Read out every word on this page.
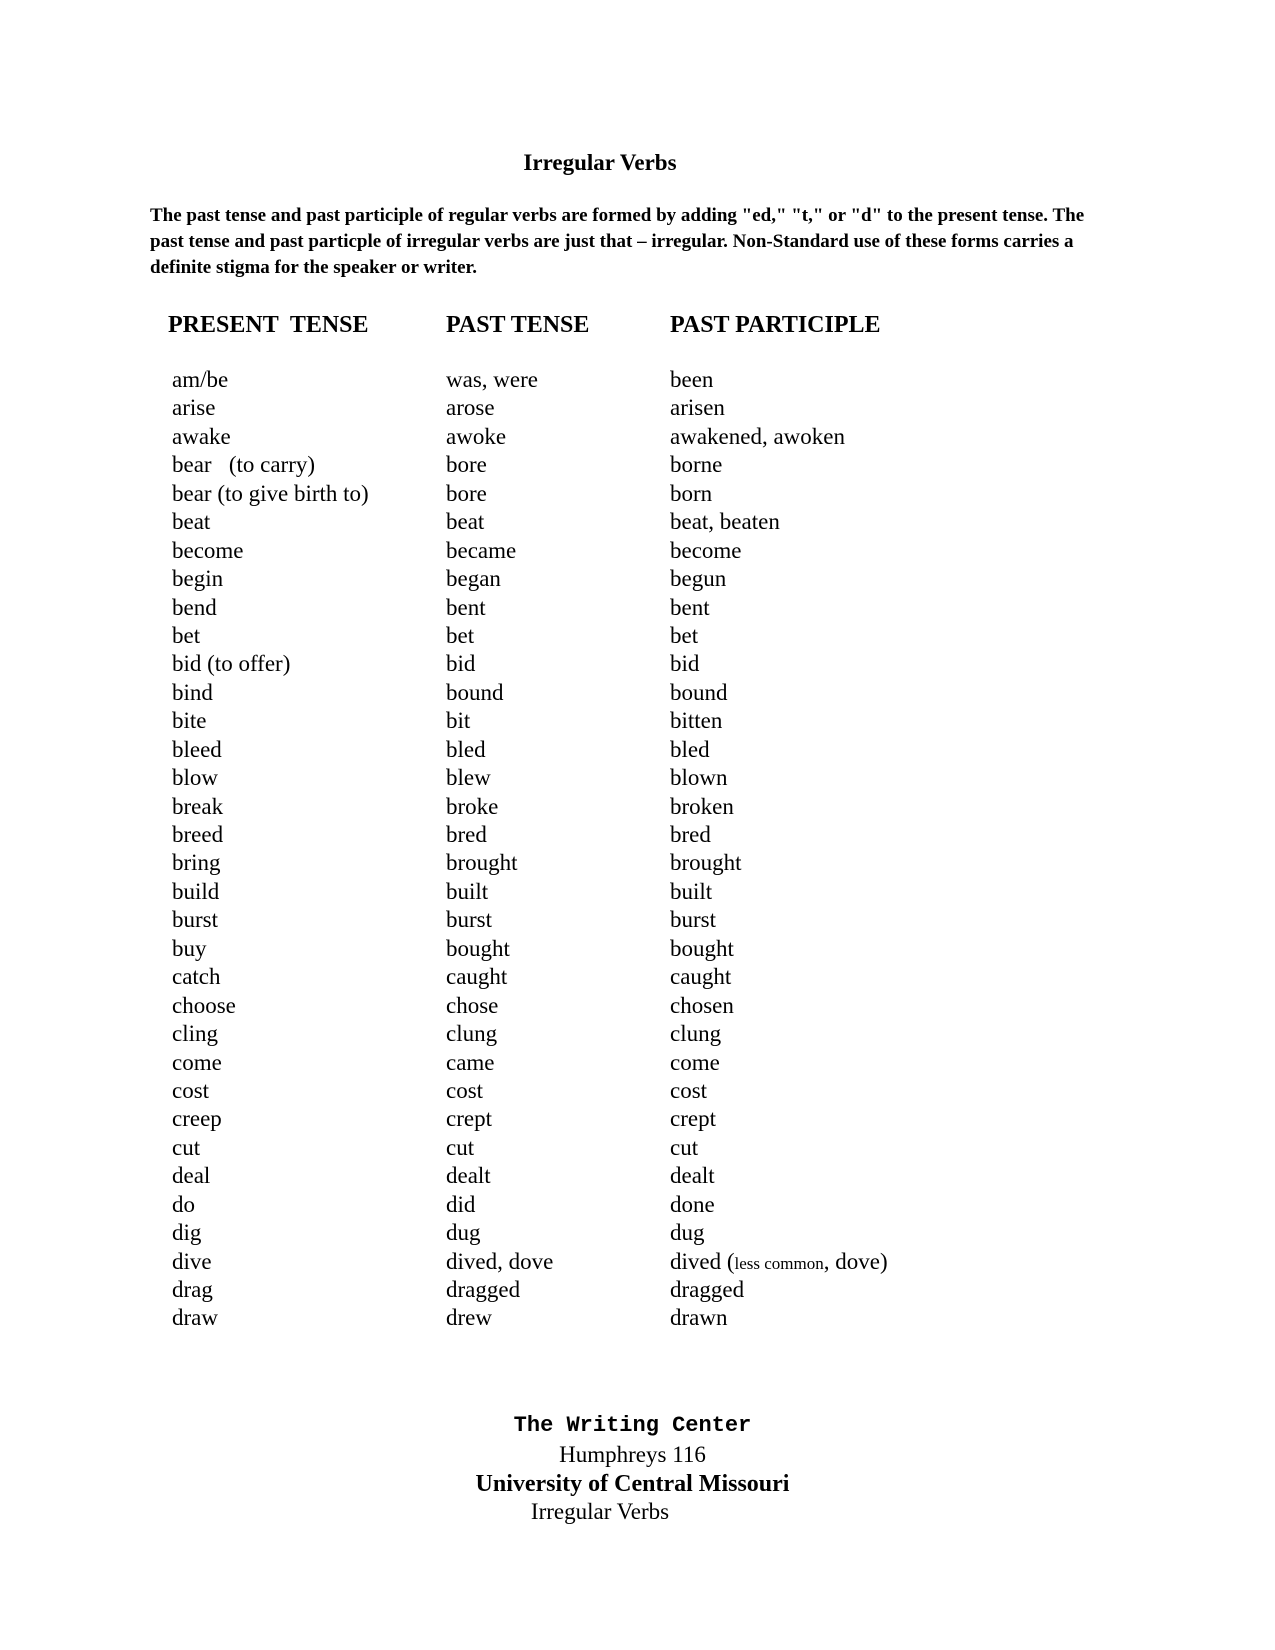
Irregular Verbs
The past tense and past participle of regular verbs are formed by adding "ed," "t," or "d" to the present tense. The past tense and past particple of irregular verbs are just that – irregular. Non-Standard use of these forms carries a definite stigma for the speaker or writer.
PRESENT  TENSE	PAST TENSE	PAST PARTICIPLE
am/be
arise
awake
bear   (to carry)
bear (to give birth to)
beat
become
begin
bend
bet
bid (to offer)
bind
bite
bleed
blow
break
breed
bring
build
burst
buy
catch
choose
cling
come
cost
creep
cut
deal
do
dig
dive
drag
draw
was, were
arose
awoke
bore
bore
beat
became
began
bent
bet
bid
bound
bit
bled
blew
broke
bred
brought
built
burst
bought
caught
chose
clung
came
cost
crept
cut
dealt
did
dug
dived, dove
dragged
drew
been
arisen
awakened, awoken
borne
born
beat, beaten
become
begun
bent
bet
bid
bound
bitten
bled
blown
broken
bred
brought
built
burst
bought
caught
chosen
clung
come
cost
crept
cut
dealt
done
dug
dived (less common, dove)
dragged
drawn
The Writing Center
Humphreys 116
University of Central Missouri
Irregular Verbs
